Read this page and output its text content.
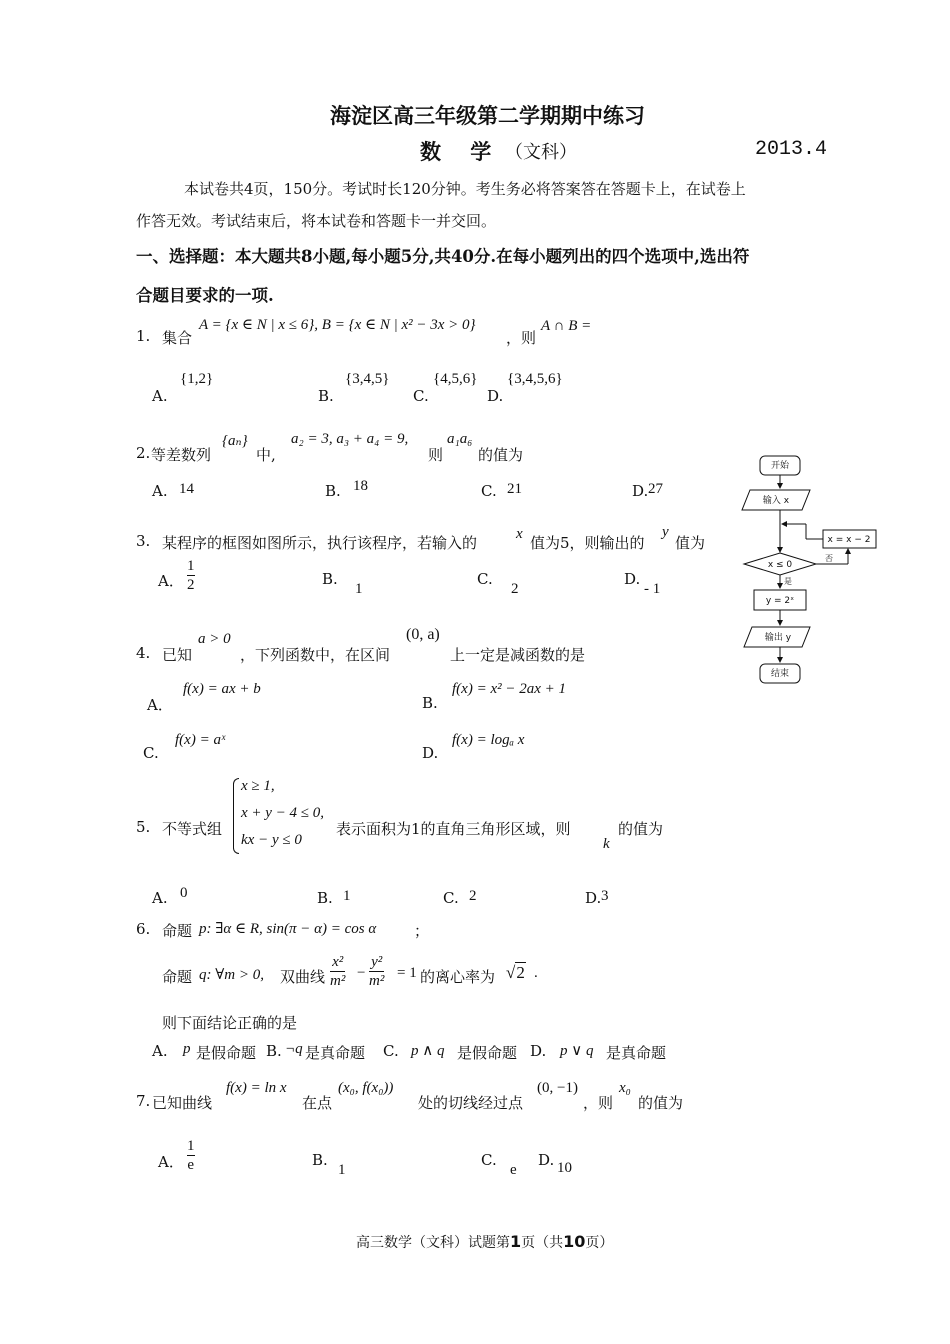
海淀区高三年级第二学期期中练习
数    学 （文科）	2013.4
本试卷共4页，150分。考试时长120分钟。考生务必将答案答在答题卡上，在试卷上
作答无效。考试结束后，将本试卷和答题卡一并交回。
一、选择题：本大题共8小题,每小题5分,共40分.在每小题列出的四个选项中,选出符
合题目要求的一项.
1. 集合
A = {x ∈ N | x ≤ 6}, B = {x ∈ N | x² − 3x > 0}
，则
A ∩ B =
A.
{1,2}
B.
{3,4,5}
C.
{4,5,6}
D.
{3,4,5,6}
2. 等差数列
{aₙ}
中,
a₂ = 3, a₃ + a₄ = 9,
则
a₁a₆
的值为
A. 14	B. 18	C. 21	D. 27
3. 某程序的框图如图所示，执行该程序，若输入的	x 值为5，则输出的
y
值为
A． $\frac{1}{2}$	B.
1
C.
2
D.
- 1
开始
输入 x
x ≤ 0
x = x − 2
否
是
y = 2ˣ
输出 y
结束
4. 已知
a > 0
，下列函数中，在区间
(0, a)
上一定是减函数的是
A．
f(x) = ax + b
B.
f(x) = x² − 2ax + 1
C.
f(x) = aˣ
D.
f(x) = logₐ x
5. 不等式组
x ≥ 1,
x + y − 4 ≤ 0,
kx − y ≤ 0
表示面积为1的直角三角形区域，则
k
的值为
A. 0	B. 1	C. 2	D. 3
6. 命题 p: ∃α ∈ R, sin(π − α) = cos α	；
命题 q: ∀m > 0, 双曲线 $\frac{\text{x²}}{\text{m²}} - \frac{\text{y²}}{\text{m²}} = 1$ 的离心率为 √2 .
则下面结论正确的是
A. p 是假命题 B. ¬q 是真命题 C. p ∧ q 是假命题 D. p ∨ q 是真命题
7. 已知曲线
f(x) = ln x
在点
(x₀, f(x₀))
处的切线经过点
(0, −1)
，则
x₀
的值为
A． $\frac{1}{e}$	B.
1
C.
e
D. 10
高三数学（文科）试题第1页（共10页）
